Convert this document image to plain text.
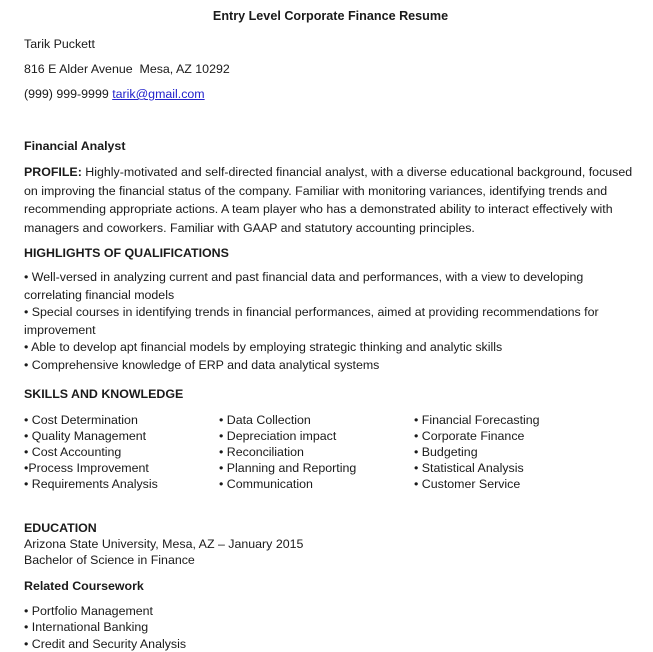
Entry Level Corporate Finance Resume

Tarik Puckett

816 E Alder Avenue  Mesa, AZ 10292

(999) 999-9999 tarik@gmail.com

Financial Analyst

PROFILE: Highly-motivated and self-directed financial analyst, with a diverse educational background, focused on improving the financial status of the company. Familiar with monitoring variances, identifying trends and recommending appropriate actions. A team player who has a demonstrated ability to interact effectively with managers and coworkers. Familiar with GAAP and statutory accounting principles.

HIGHLIGHTS OF QUALIFICATIONS
• Well-versed in analyzing current and past financial data and performances, with a view to developing correlating financial models
• Special courses in identifying trends in financial performances, aimed at providing recommendations for improvement
• Able to develop apt financial models by employing strategic thinking and analytic skills
• Comprehensive knowledge of ERP and data analytical systems
SKILLS AND KNOWLEDGE
• Cost Determination
• Quality Management
• Cost Accounting
•Process Improvement
• Requirements Analysis
• Data Collection
• Depreciation impact
• Reconciliation
• Planning and Reporting
• Communication
• Financial Forecasting
• Corporate Finance
• Budgeting
• Statistical Analysis
• Customer Service
EDUCATION
Arizona State University, Mesa, AZ – January 2015
Bachelor of Science in Finance
Related Coursework
• Portfolio Management
• International Banking
• Credit and Security Analysis
